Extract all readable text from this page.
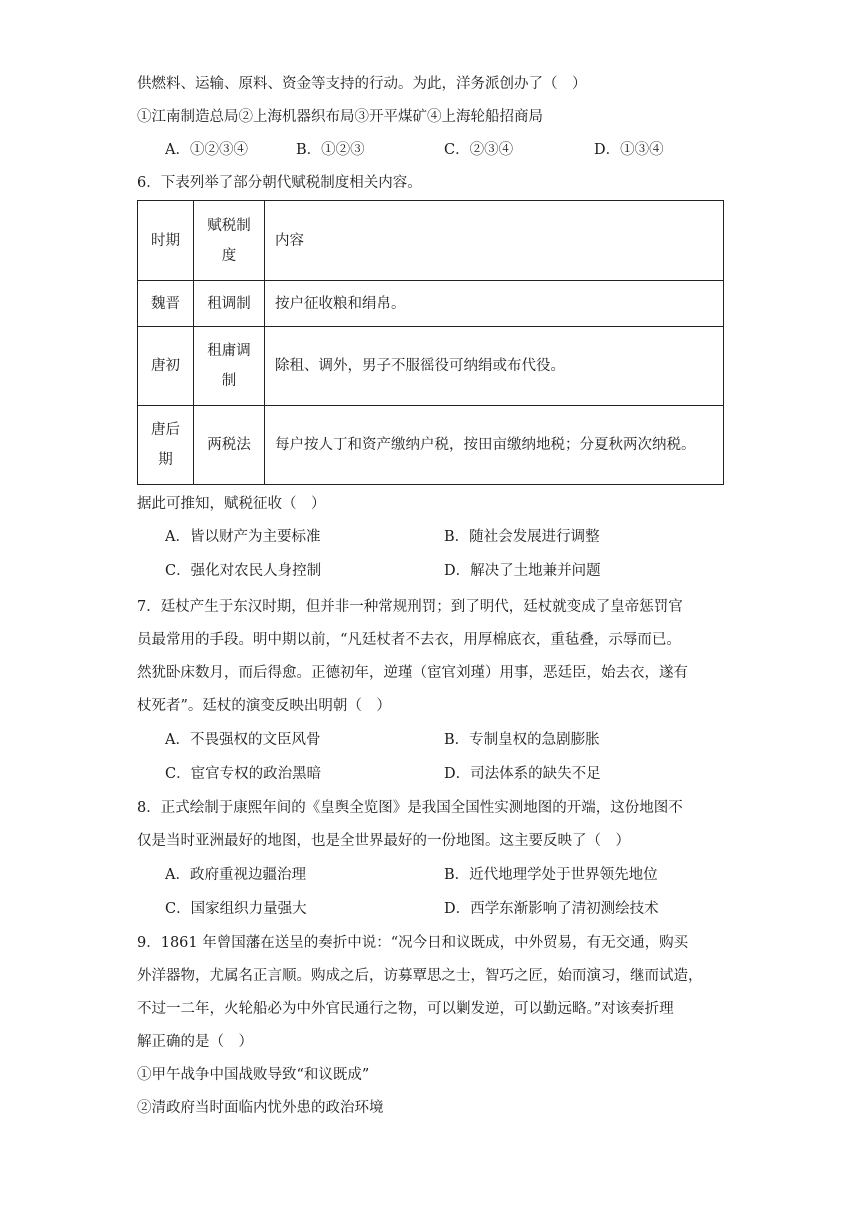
供燃料、运输、原料、资金等支持的行动。为此，洋务派创办了（　）
①江南制造总局②上海机器织布局③开平煤矿④上海轮船招商局
A．①②③④	B．①②③	C．②③④	D．①③④
6．下表列举了部分朝代赋税制度相关内容。
时期	赋税制度	内容
魏晋	租调制	按户征收粮和绢帛。
唐初	租庸调制	除租、调外，男子不服徭役可纳绢或布代役。
唐后期	两税法	每户按人丁和资产缴纳户税，按田亩缴纳地税；分夏秋两次纳税。
据此可推知，赋税征收（　）
A．皆以财产为主要标准	B．随社会发展进行调整
C．强化对农民人身控制	D．解决了土地兼并问题
7．廷杖产生于东汉时期，但并非一种常规刑罚；到了明代，廷杖就变成了皇帝惩罚官
员最常用的手段。明中期以前，“凡廷杖者不去衣，用厚棉底衣，重毡叠，示辱而已。
然犹卧床数月，而后得愈。正德初年，逆瑾（宦官刘瑾）用事，恶廷臣，始去衣，遂有
杖死者”。廷杖的演变反映出明朝（　）
A．不畏强权的文臣风骨	B．专制皇权的急剧膨胀
C．宦官专权的政治黑暗	D．司法体系的缺失不足
8．正式绘制于康熙年间的《皇舆全览图》是我国全国性实测地图的开端，这份地图不
仅是当时亚洲最好的地图，也是全世界最好的一份地图。这主要反映了（　）
A．政府重视边疆治理	B．近代地理学处于世界领先地位
C．国家组织力量强大	D．西学东渐影响了清初测绘技术
9．1861 年曾国藩在送呈的奏折中说：“况今日和议既成，中外贸易，有无交通，购买
外洋器物，尤属名正言顺。购成之后，访募覃思之士，智巧之匠，始而演习，继而试造，
不过一二年，火轮船必为中外官民通行之物，可以剿发逆，可以勤远略。”对该奏折理
解正确的是（　）
①甲午战争中国战败导致“和议既成”
②清政府当时面临内忧外患的政治环境
